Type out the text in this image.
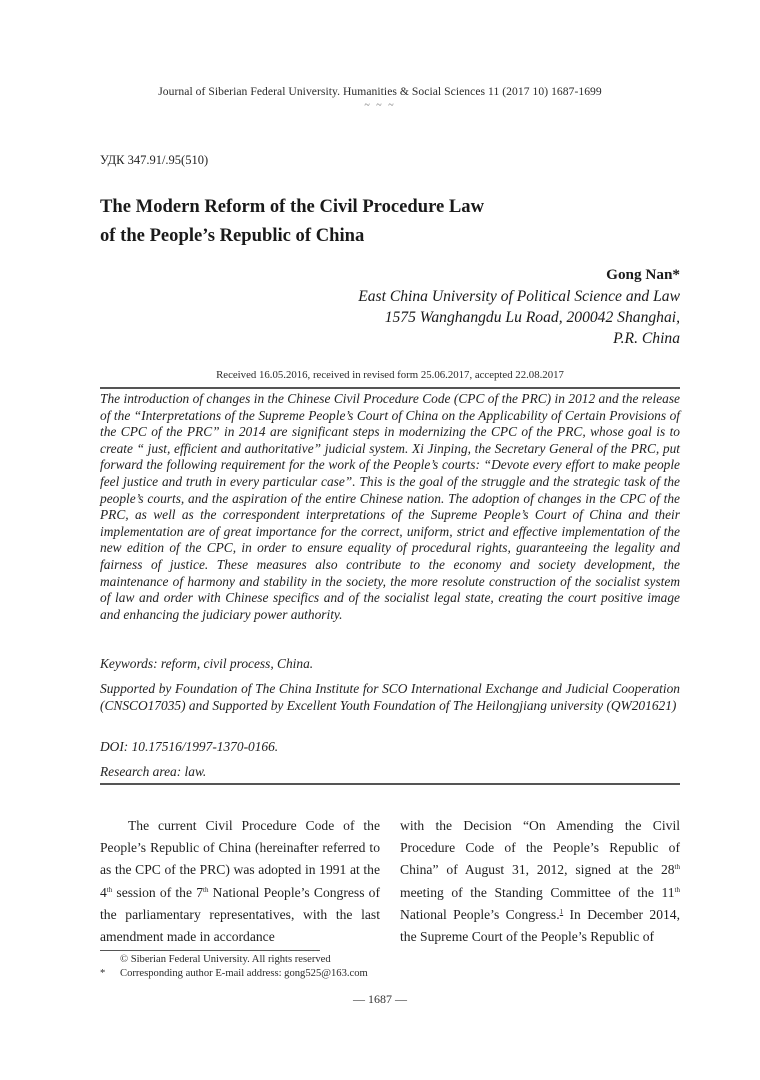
Journal of Siberian Federal University. Humanities & Social Sciences 11 (2017 10) 1687-1699
~ ~ ~
УДК 347.91/.95(510)
The Modern Reform of the Civil Procedure Law
of the People’s Republic of China
Gong Nan*
East China University of Political Science and Law
1575 Wanghangdu Lu Road, 200042 Shanghai,
P.R. China
Received 16.05.2016, received in revised form 25.06.2017, accepted 22.08.2017
The introduction of changes in the Chinese Civil Procedure Code (CPC of the PRC) in 2012 and the release of the “Interpretations of the Supreme People’s Court of China on the Applicability of Certain Provisions of the CPC of the PRC” in 2014 are significant steps in modernizing the CPC of the PRC, whose goal is to create “ just, efficient and authoritative” judicial system. Xi Jinping, the Secretary General of the PRC, put forward the following requirement for the work of the People’s courts: “Devote every effort to make people feel justice and truth in every particular case”. This is the goal of the struggle and the strategic task of the people’s courts, and the aspiration of the entire Chinese nation. The adoption of changes in the CPC of the PRC, as well as the correspondent interpretations of the Supreme People’s Court of China and their implementation are of great importance for the correct, uniform, strict and effective implementation of the new edition of the CPC, in order to ensure equality of procedural rights, guaranteeing the legality and fairness of justice. These measures also contribute to the economy and society development, the maintenance of harmony and stability in the society, the more resolute construction of the socialist system of law and order with Chinese specifics and of the socialist legal state, creating the court positive image and enhancing the judiciary power authority.
Keywords: reform, civil process, China.
Supported by Foundation of The China Institute for SCO International Exchange and Judicial Cooperation (CNSCO17035) and Supported by Excellent Youth Foundation of The Heilongjiang university (QW201621)
DOI: 10.17516/1997-1370-0166.
Research area: law.

The current Civil Procedure Code of the People’s Republic of China (hereinafter referred to as the CPC of the PRC) was adopted in 1991 at the 4th session of the 7th National People’s Congress of the parliamentary representatives, with the last amendment made in accordance

with the Decision “On Amending the Civil Procedure Code of the People’s Republic of China” of August 31, 2012, signed at the 28th meeting of the Standing Committee of the 11th National People’s Congress.$^1$ In December 2014, the Supreme Court of the People’s Republic of

© Siberian Federal University. All rights reserved
* Corresponding author E-mail address: gong525@163.com
— 1687 —
